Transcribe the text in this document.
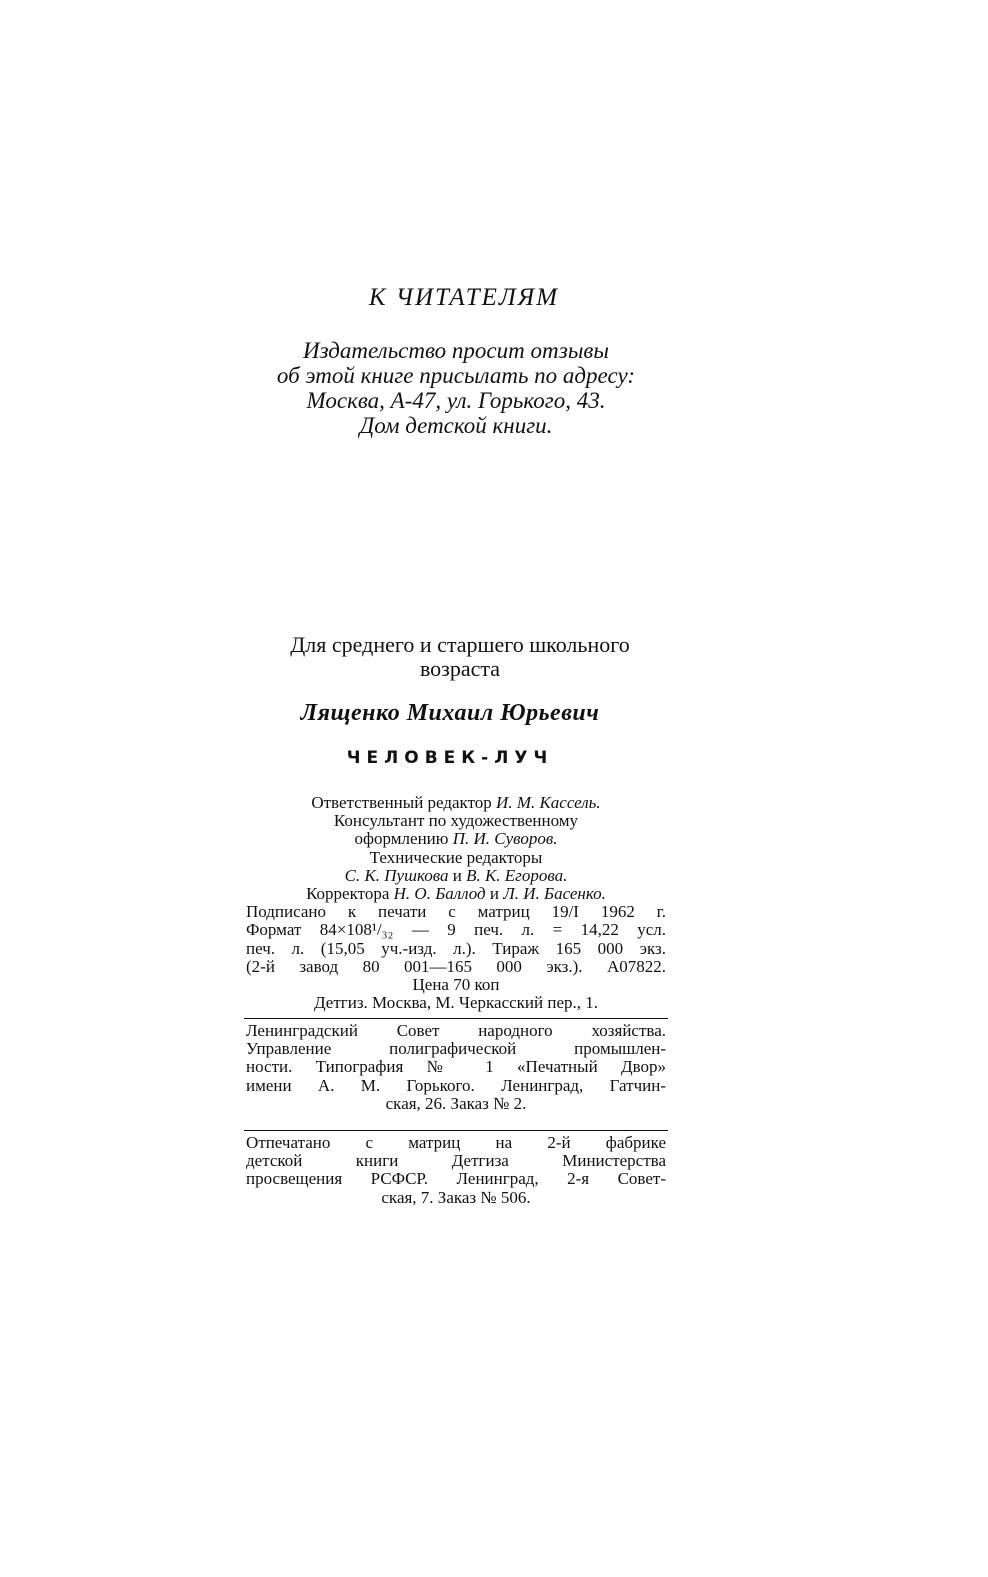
К ЧИТАТЕЛЯМ
Издательство просит отзывы
об этой книге присылать по адресу:
Москва, А-47, ул. Горького, 43.
Дом детской книги.
Для среднего и старшего школьного
возраста
Лященко Михаил Юрьевич
ЧЕЛОВЕК-ЛУЧ
Ответственный редактор И. М. Кассель.
Консультант по художественному
оформлению П. И. Суворов.
Технические редакторы
С. К. Пушкова и В. К. Егорова.
Корректора Н. О. Баллод и Л. И. Басенко.
Подписано к печати с матриц 19/I 1962 г.
Формат 84×108¹/₃₂ — 9 печ. л. = 14,22 усл.
печ. л. (15,05 уч.-изд. л.). Тираж 165 000 экз.
(2-й завод 80 001—165 000 экз.). А07822.
Цена 70 коп
Детгиз. Москва, М. Черкасский пер., 1.
Ленинградский Совет народного хозяйства.
Управление полиграфической промышлен-
ности. Типография № 1 «Печатный Двор»
имени А. М. Горького. Ленинград, Гатчин-
ская, 26. Заказ № 2.
Отпечатано с матриц на 2-й фабрике
детской книги Детгиза Министерства
просвещения РСФСР. Ленинград, 2-я Совет-
ская, 7. Заказ № 506.
